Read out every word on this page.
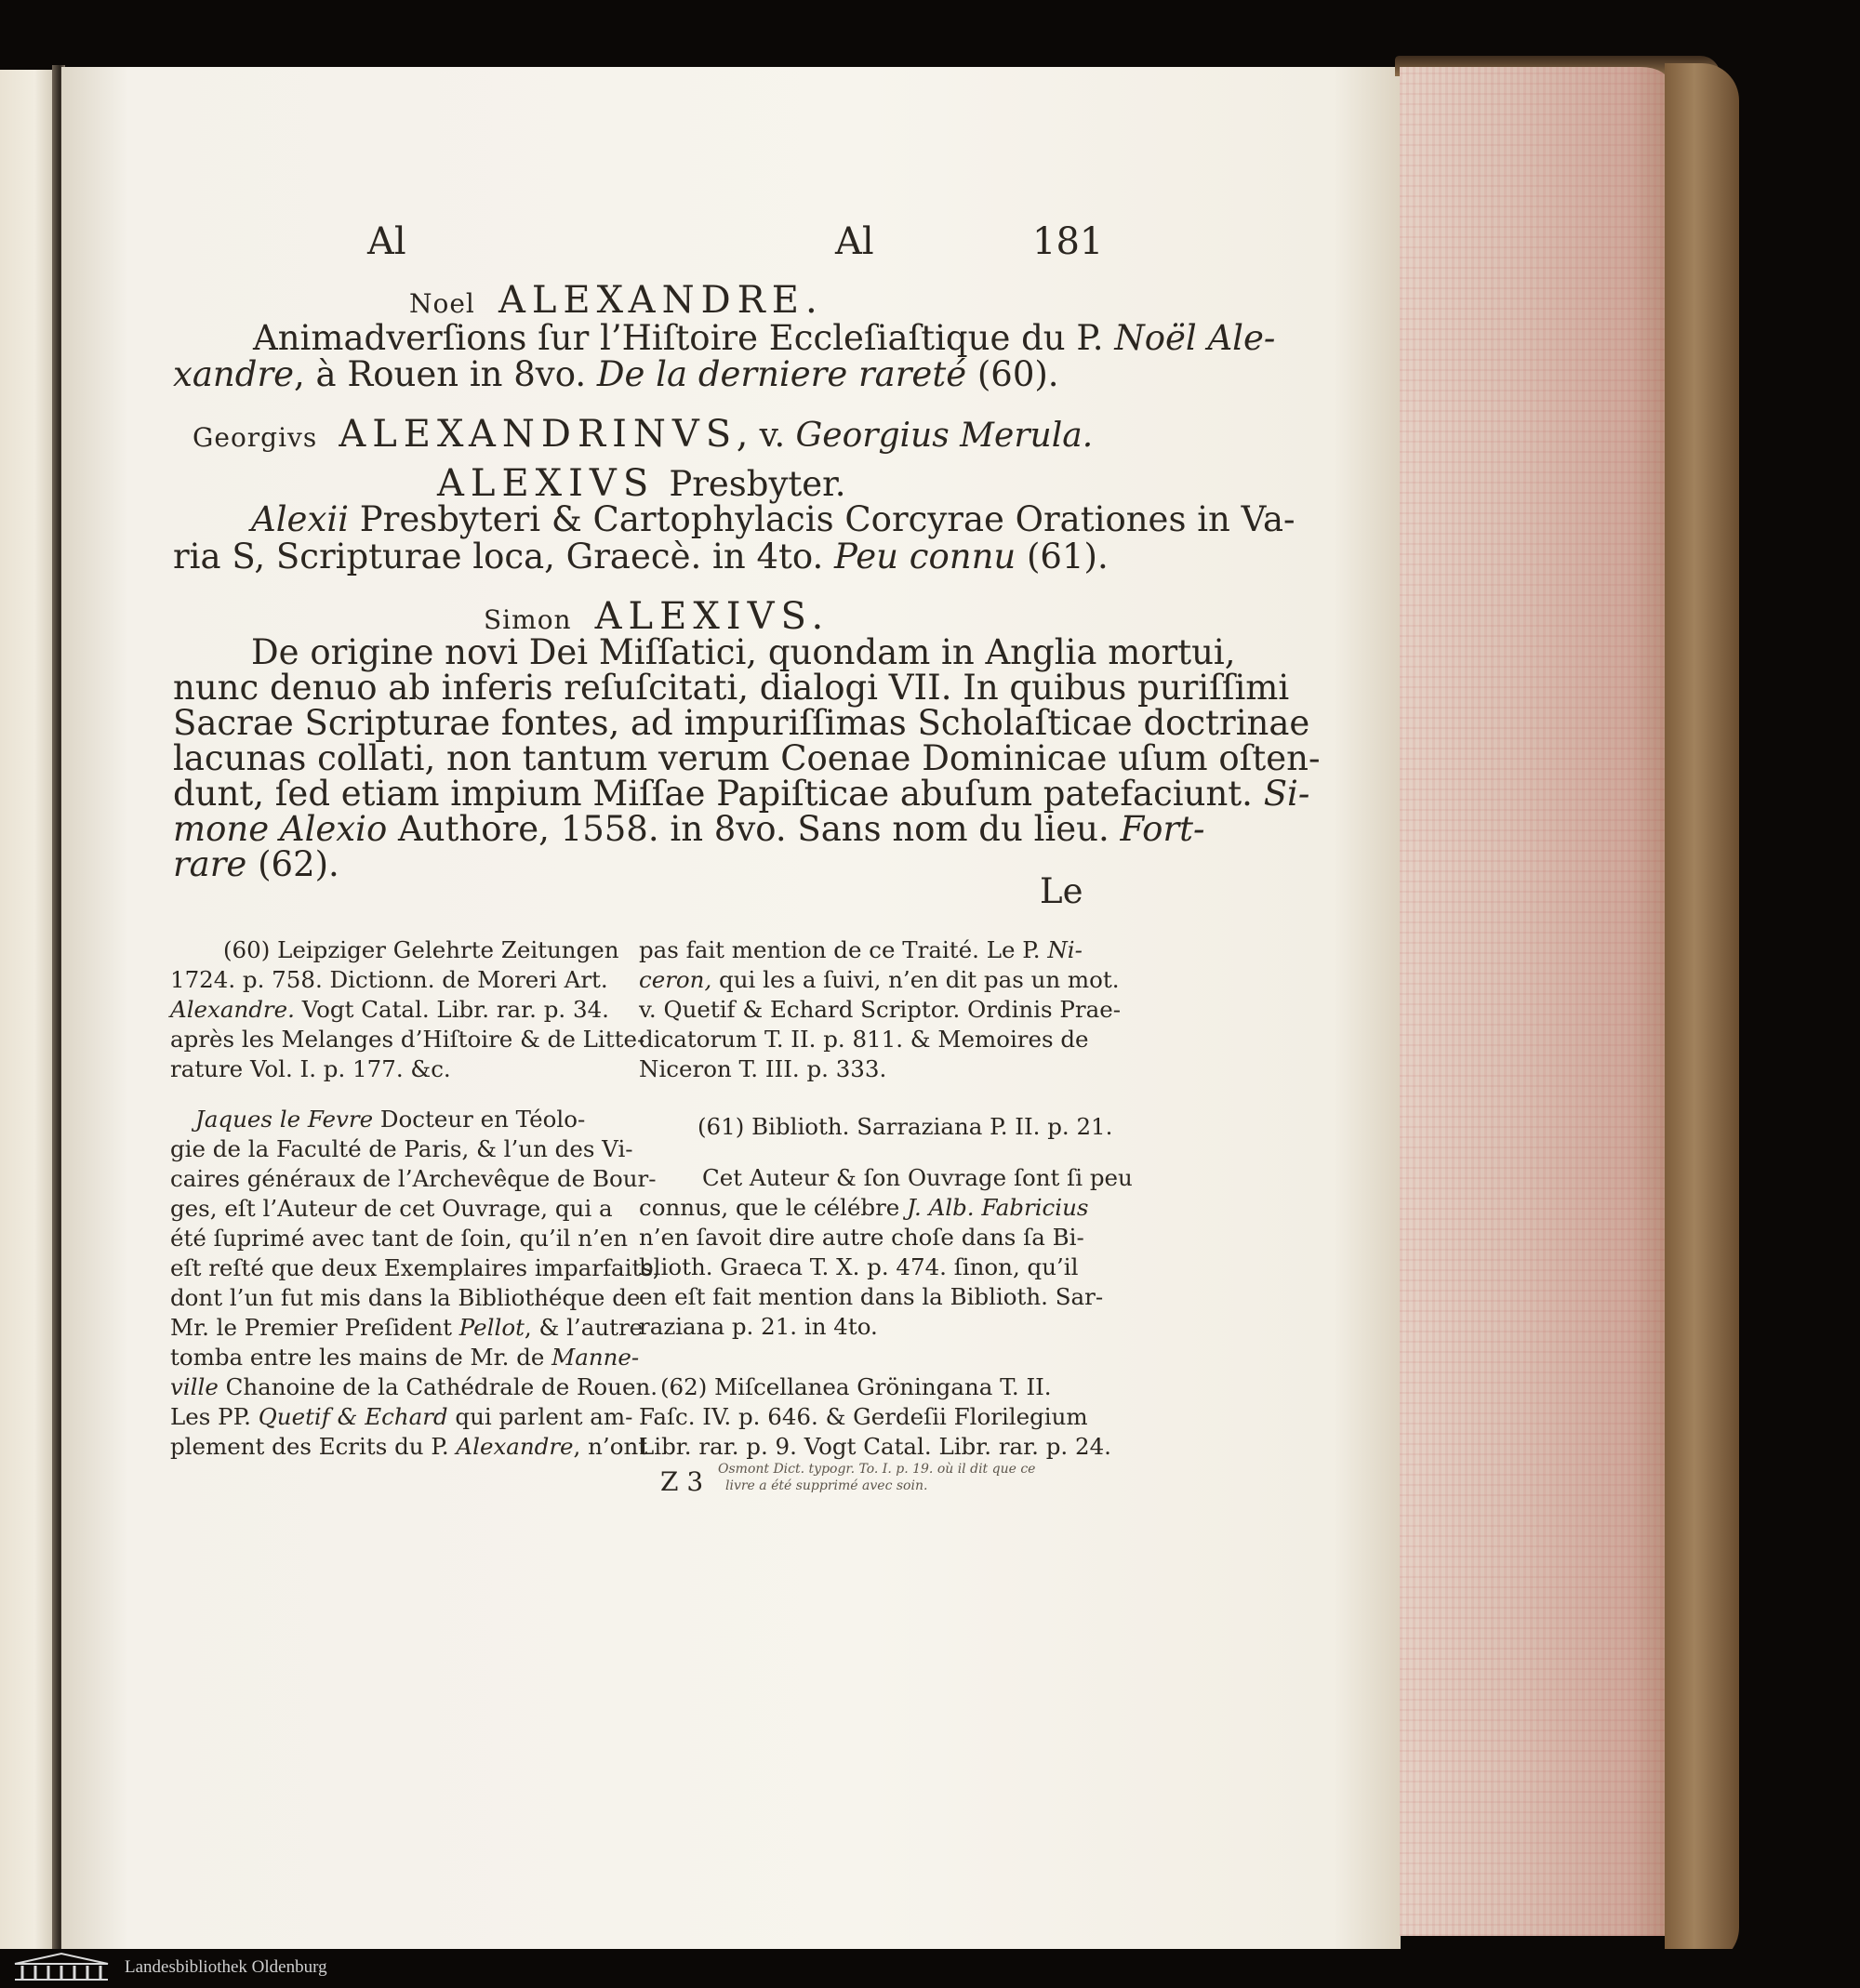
Al	Al	181
Noel ALEXANDRE.
Animadverſions ſur l’Hiſtoire Eccleſiaſtique du P. Noël Ale-
xandre, à Rouen in 8vo. De la derniere rareté (60).
Georgivs ALEXANDRINVS, v. Georgius Merula.
ALEXIVS Presbyter.
Alexii Presbyteri & Cartophylacis Corcyrae Orationes in Va-
ria S, Scripturae loca, Graecè. in 4to. Peu connu (61).
Simon ALEXIVS.
De origine novi Dei Miſſatici, quondam in Anglia mortui,
nunc denuo ab inferis reſuſcitati, dialogi VII. In quibus puriſſimi
Sacrae Scripturae fontes, ad impuriſſimas Scholaſticae doctrinae
lacunas collati, non tantum verum Coenae Dominicae uſum oſten-
dunt, ſed etiam impium Miſſae Papiſticae abuſum patefaciunt. Si-
mone Alexio Authore, 1558. in 8vo. Sans nom du lieu. Fort-
rare (62).
Le
(60) Leipziger Gelehrte Zeitungen
1724. p. 758. Dictionn. de Moreri Art.
Alexandre. Vogt Catal. Libr. rar. p. 34.
après les Melanges d’Hiſtoire & de Litte-
rature Vol. I. p. 177. &c.
Jaques le Fevre Docteur en Téolo-
gie de la Faculté de Paris, & l’un des Vi-
caires généraux de l’Archevêque de Bour-
ges, eſt l’Auteur de cet Ouvrage, qui a
été ſuprimé avec tant de ſoin, qu’il n’en
eſt reſté que deux Exemplaires imparfaits,
dont l’un fut mis dans la Bibliothéque de
Mr. le Premier Preſident Pellot, & l’autre
tomba entre les mains de Mr. de Manne-
ville Chanoine de la Cathédrale de Rouen.
Les PP. Quetif & Echard qui parlent am-
plement des Ecrits du P. Alexandre, n’ont
pas fait mention de ce Traité. Le P. Ni-
ceron, qui les a ſuivi, n’en dit pas un mot.
v. Quetif & Echard Scriptor. Ordinis Prae-
dicatorum T. II. p. 811. & Memoires de
Niceron T. III. p. 333.
(61) Biblioth. Sarraziana P. II. p. 21.
Cet Auteur & ſon Ouvrage ſont ſi peu
connus, que le célébre J. Alb. Fabricius
n’en ſavoit dire autre choſe dans ſa Bi-
blioth. Graeca T. X. p. 474. ſinon, qu’il
en eſt fait mention dans la Biblioth. Sar-
raziana p. 21. in 4to.
(62) Miſcellanea Gröningana T. II.
Faſc. IV. p. 646. & Gerdeſii Florilegium
Libr. rar. p. 9. Vogt Catal. Libr. rar. p. 24.
Z 3 Osmont Dict. typogr. To. I. p. 19. où il dit que ce
livre a été supprimé avec soin.
Landesbibliothek Oldenburg
